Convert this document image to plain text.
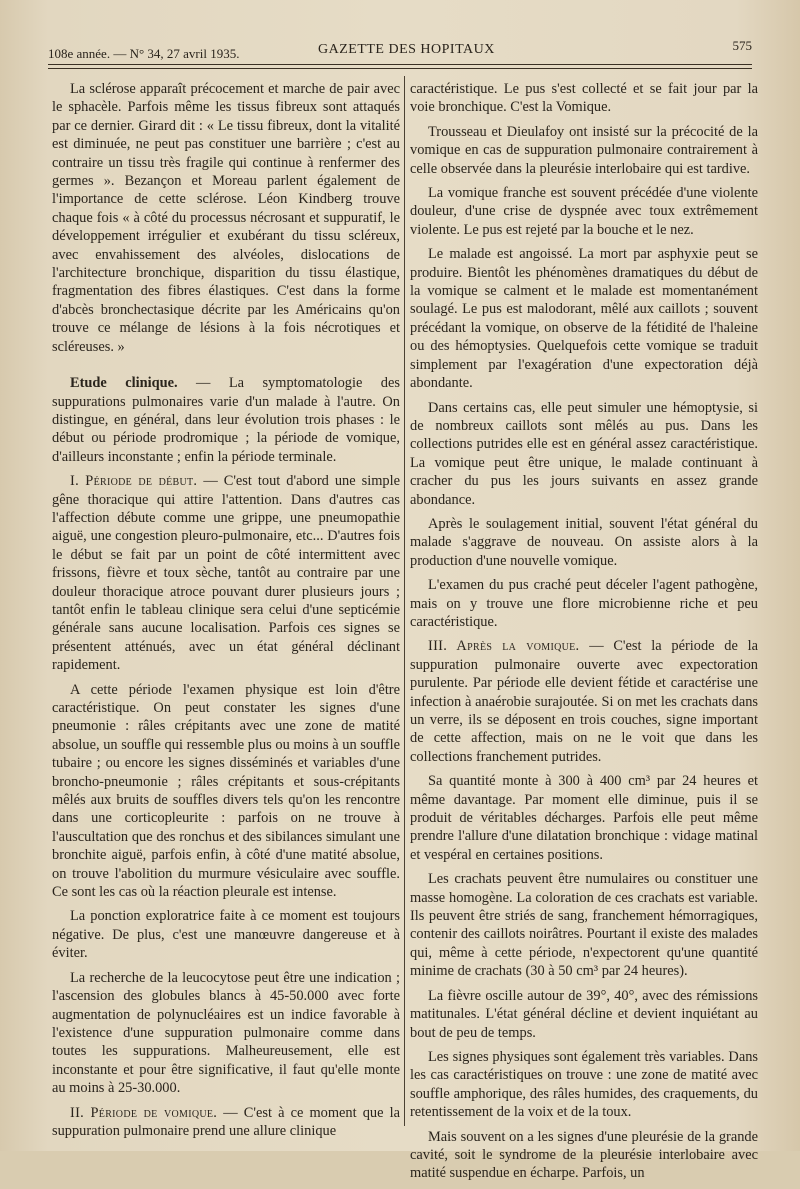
108e année. — N° 34, 27 avril 1935.	GAZETTE DES HOPITAUX	575

La sclérose apparaît précocement et marche de pair avec le sphacèle. Parfois même les tissus fibreux sont attaqués par ce dernier. Girard dit : « Le tissu fibreux, dont la vitalité est diminuée, ne peut pas constituer une barrière ; c'est au contraire un tissu très fragile qui continue à renfermer des germes ». Bezançon et Moreau parlent également de l'importance de cette sclérose. Léon Kindberg trouve chaque fois « à côté du processus nécrosant et suppuratif, le développement irrégulier et exubérant du tissu scléreux, avec envahissement des alvéoles, dislocations de l'architecture bronchique, disparition du tissu élastique, fragmentation des fibres élastiques. C'est dans la forme d'abcès bronchectasique décrite par les Américains qu'on trouve ce mélange de lésions à la fois nécrotiques et scléreuses. »

Etude clinique. — La symptomatologie des suppurations pulmonaires varie d'un malade à l'autre. On distingue, en général, dans leur évolution trois phases : le début ou période prodromique ; la période de vomique, d'ailleurs inconstante ; enfin la période terminale.

I. Période de début. — C'est tout d'abord une simple gêne thoracique qui attire l'attention. Dans d'autres cas l'affection débute comme une grippe, une pneumopathie aiguë, une congestion pleuro-pulmonaire, etc... D'autres fois le début se fait par un point de côté intermittent avec frissons, fièvre et toux sèche, tantôt au contraire par une douleur thoracique atroce pouvant durer plusieurs jours ; tantôt enfin le tableau clinique sera celui d'une septicémie générale sans aucune localisation. Parfois ces signes se présentent atténués, avec un état général déclinant rapidement.

A cette période l'examen physique est loin d'être caractéristique. On peut constater les signes d'une pneumonie : râles crépitants avec une zone de matité absolue, un souffle qui ressemble plus ou moins à un souffle tubaire ; ou encore les signes disséminés et variables d'une broncho-pneumonie ; râles crépitants et sous-crépitants mêlés aux bruits de souffles divers tels qu'on les rencontre dans une corticopleurite : parfois on ne trouve à l'auscultation que des ronchus et des sibilances simulant une bronchite aiguë, parfois enfin, à côté d'une matité absolue, on trouve l'abolition du murmure vésiculaire avec souffle. Ce sont les cas où la réaction pleurale est intense.

La ponction exploratrice faite à ce moment est toujours négative. De plus, c'est une manœuvre dangereuse et à éviter.

La recherche de la leucocytose peut être une indication ; l'ascension des globules blancs à 45-50.000 avec forte augmentation de polynucléaires est un indice favorable à l'existence d'une suppuration pulmonaire comme dans toutes les suppurations. Malheureusement, elle est inconstante et pour être significative, il faut qu'elle monte au moins à 25-30.000.

II. Période de vomique. — C'est à ce moment que la suppuration pulmonaire prend une allure clinique

caractéristique. Le pus s'est collecté et se fait jour par la voie bronchique. C'est la Vomique.

Trousseau et Dieulafoy ont insisté sur la précocité de la vomique en cas de suppuration pulmonaire contrairement à celle observée dans la pleurésie interlobaire qui est tardive.

La vomique franche est souvent précédée d'une violente douleur, d'une crise de dyspnée avec toux extrêmement violente. Le pus est rejeté par la bouche et le nez.

Le malade est angoissé. La mort par asphyxie peut se produire. Bientôt les phénomènes dramatiques du début de la vomique se calment et le malade est momentanément soulagé. Le pus est malodorant, mêlé aux caillots ; souvent précédant la vomique, on observe de la fétidité de l'haleine ou des hémoptysies. Quelquefois cette vomique se traduit simplement par l'exagération d'une expectoration déjà abondante.

Dans certains cas, elle peut simuler une hémoptysie, si de nombreux caillots sont mêlés au pus. Dans les collections putrides elle est en général assez caractéristique. La vomique peut être unique, le malade continuant à cracher du pus les jours suivants en assez grande abondance.

Après le soulagement initial, souvent l'état général du malade s'aggrave de nouveau. On assiste alors à la production d'une nouvelle vomique.

L'examen du pus craché peut déceler l'agent pathogène, mais on y trouve une flore microbienne riche et peu caractéristique.

III. Après la vomique. — C'est la période de la suppuration pulmonaire ouverte avec expectoration purulente. Par période elle devient fétide et caractérise une infection à anaérobie surajoutée. Si on met les crachats dans un verre, ils se déposent en trois couches, signe important de cette affection, mais on ne le voit que dans les collections franchement putrides.

Sa quantité monte à 300 à 400 cm³ par 24 heures et même davantage. Par moment elle diminue, puis il se produit de véritables décharges. Parfois elle peut même prendre l'allure d'une dilatation bronchique : vidage matinal et vespéral en certaines positions.

Les crachats peuvent être numulaires ou constituer une masse homogène. La coloration de ces crachats est variable. Ils peuvent être striés de sang, franchement hémorragiques, contenir des caillots noirâtres. Pourtant il existe des malades qui, même à cette période, n'expectorent qu'une quantité minime de crachats (30 à 50 cm³ par 24 heures).

La fièvre oscille autour de 39°, 40°, avec des rémissions matitunales. L'état général décline et devient inquiétant au bout de peu de temps.

Les signes physiques sont également très variables. Dans les cas caractéristiques on trouve : une zone de matité avec souffle amphorique, des râles humides, des craquements, du retentissement de la voix et de la toux.

Mais souvent on a les signes d'une pleurésie de la grande cavité, soit le syndrome de la pleurésie interlobaire avec matité suspendue en écharpe. Parfois, un
